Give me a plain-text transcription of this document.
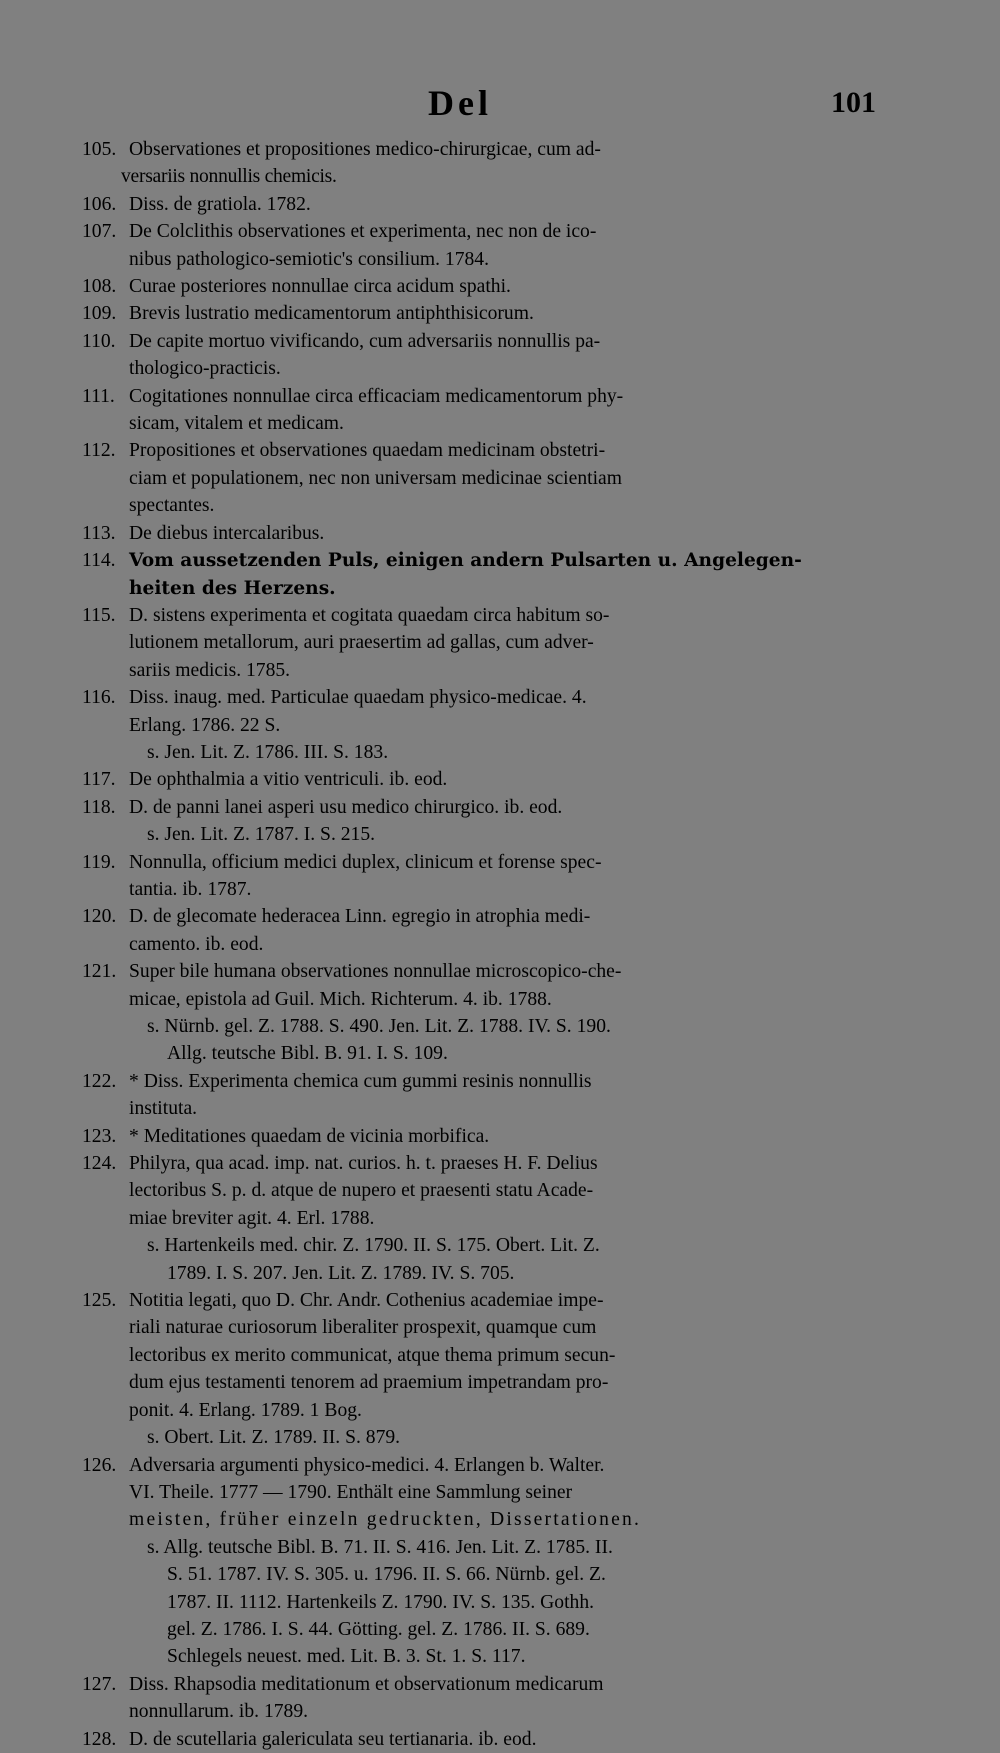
Del	101
105. Observationes et propositiones medico-chirurgicae, cum ad-
versariis nonnullis chemicis.
106. Diss. de gratiola. 1782.
107. De Colclithis observationes et experimenta, nec non de ico-
nibus pathologico-semiotic's consilium. 1784.
108. Curae posteriores nonnullae circa acidum spathi.
109. Brevis lustratio medicamentorum antiphthisicorum.
110. De capite mortuo vivificando, cum adversariis nonnullis pa-
thologico-practicis.
111. Cogitationes nonnullae circa efficaciam medicamentorum phy-
sicam, vitalem et medicam.
112. Propositiones et observationes quaedam medicinam obstetri-
ciam et populationem, nec non universam medicinae scientiam
spectantes.
113. De diebus intercalaribus.
114. Vom aussetzenden Puls, einigen andern Pulsarten u. Angelegen-
heiten des Herzens.
115. D. sistens experimenta et cogitata quaedam circa habitum so-
lutionem metallorum, auri praesertim ad gallas, cum adver-
sariis medicis. 1785.
116. Diss. inaug. med. Particulae quaedam physico-medicae. 4.
Erlang. 1786. 22 S.
s. Jen. Lit. Z. 1786. III. S. 183.
117. De ophthalmia a vitio ventriculi. ib. eod.
118. D. de panni lanei asperi usu medico chirurgico. ib. eod.
s. Jen. Lit. Z. 1787. I. S. 215.
119. Nonnulla, officium medici duplex, clinicum et forense spec-
tantia. ib. 1787.
120. D. de glecomate hederacea Linn. egregio in atrophia medi-
camento. ib. eod.
121. Super bile humana observationes nonnullae microscopico-che-
micae, epistola ad Guil. Mich. Richterum. 4. ib. 1788.
s. Nürnb. gel. Z. 1788. S. 490. Jen. Lit. Z. 1788. IV. S. 190.
Allg. teutsche Bibl. B. 91. I. S. 109.
122. * Diss. Experimenta chemica cum gummi resinis nonnullis
instituta.
123. * Meditationes quaedam de vicinia morbifica.
124. Philyra, qua acad. imp. nat. curios. h. t. praeses H. F. Delius
lectoribus S. p. d. atque de nupero et praesenti statu Acade-
miae breviter agit. 4. Erl. 1788.
s. Hartenkeils med. chir. Z. 1790. II. S. 175. Obert. Lit. Z.
1789. I. S. 207. Jen. Lit. Z. 1789. IV. S. 705.
125. Notitia legati, quo D. Chr. Andr. Cothenius academiae impe-
riali naturae curiosorum liberaliter prospexit, quamque cum
lectoribus ex merito communicat, atque thema primum secun-
dum ejus testamenti tenorem ad praemium impetrandam pro-
ponit. 4. Erlang. 1789. 1 Bog.
s. Obert. Lit. Z. 1789. II. S. 879.
126. Adversaria argumenti physico-medici. 4. Erlangen b. Walter.
VI. Theile. 1777 — 1790. Enthält eine Sammlung seiner
meisten, früher einzeln gedruckten, Dissertationen.
s. Allg. teutsche Bibl. B. 71. II. S. 416. Jen. Lit. Z. 1785. II.
S. 51. 1787. IV. S. 305. u. 1796. II. S. 66. Nürnb. gel. Z.
1787. II. 1112. Hartenkeils Z. 1790. IV. S. 135. Gothh.
gel. Z. 1786. I. S. 44. Götting. gel. Z. 1786. II. S. 689.
Schlegels neuest. med. Lit. B. 3. St. 1. S. 117.
127. Diss. Rhapsodia meditationum et observationum medicarum
nonnullarum. ib. 1789.
128. D. de scutellaria galericulata seu tertianaria. ib. eod.
